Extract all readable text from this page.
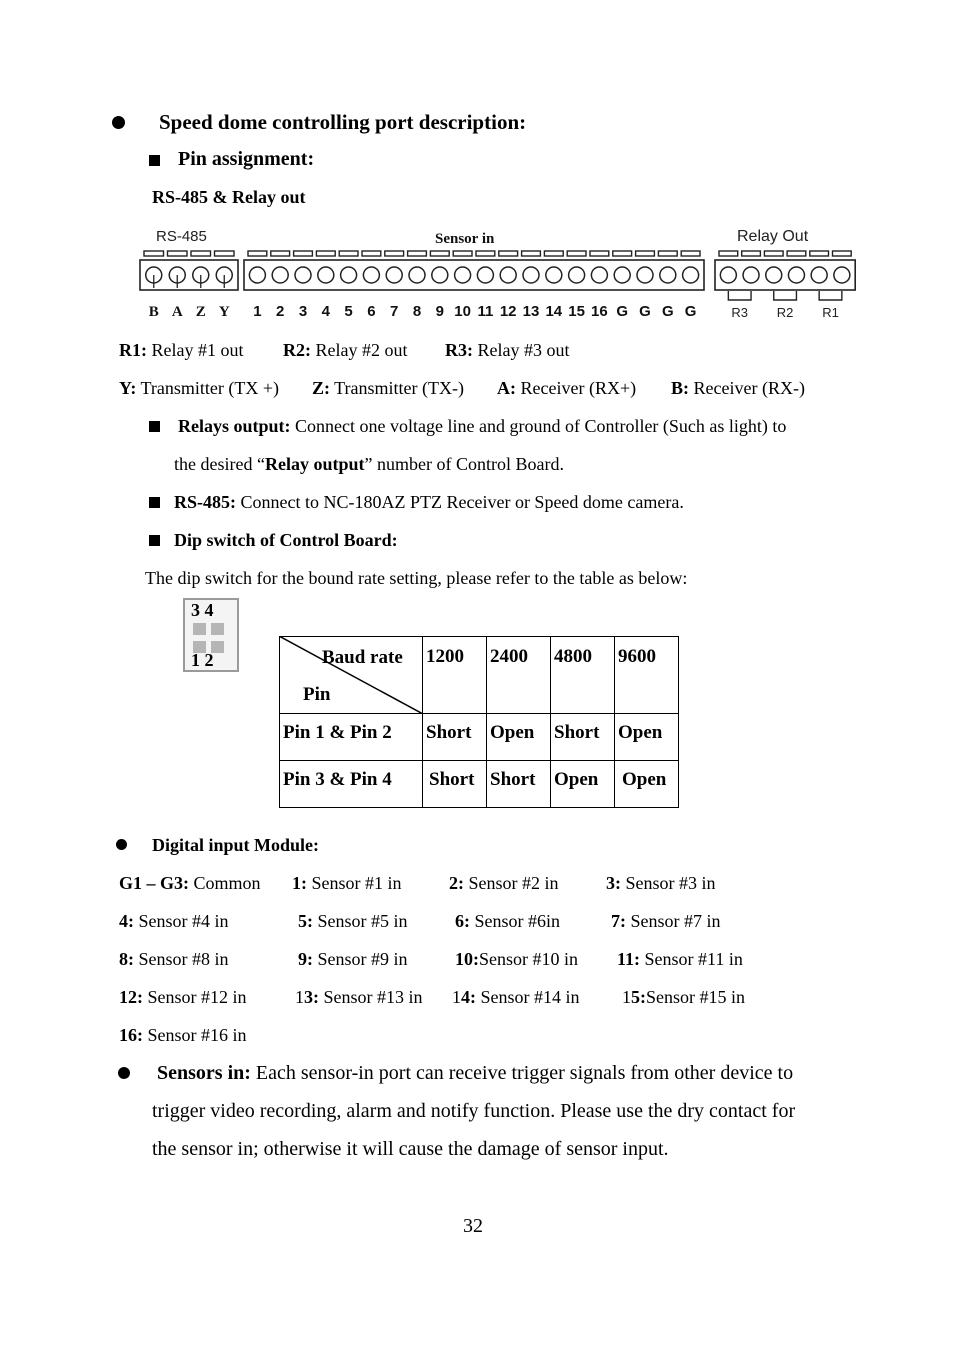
Speed dome controlling port description:
Pin assignment:
RS-485 & Relay out
RS-485	Sensor in	Relay Out
B A Z Y 1 2 3 4 5 6 7 8 9 10 11 12 13 14 15 16 G G G G	R3 R2 R1
R1: Relay #1 out R2: Relay #2 out R3: Relay #3 out
Y: Transmitter (TX +) Z: Transmitter (TX-) A: Receiver (RX+) B: Receiver (RX-)
Relays output: Connect one voltage line and ground of Controller (Such as light) to
the desired “Relay output” number of Control Board.
RS-485: Connect to NC-180AZ PTZ Receiver or Speed dome camera.
Dip switch of Control Board:
The dip switch for the bound rate setting, please refer to the table as below:
3 4
1 2	Baud rate
Pin	1200	2400	4800	9600
Pin 1 & Pin 2	Short	Open	Short	Open
Pin 3 & Pin 4	Short	Short	Open	Open
Digital input Module:
G1 – G3: Common 1: Sensor #1 in	2: Sensor #2 in	3: Sensor #3 in
4: Sensor #4 in	5: Sensor #5 in	6: Sensor #6in	7: Sensor #7 in
8: Sensor #8 in	9: Sensor #9 in	10:Sensor #10 in 11: Sensor #11 in
12: Sensor #12 in	13: Sensor #13 in 14: Sensor #14 in 15:Sensor #15 in
16: Sensor #16 in
Sensors in: Each sensor-in port can receive trigger signals from other device to
trigger video recording, alarm and notify function. Please use the dry contact for
the sensor in; otherwise it will cause the damage of sensor input.
32
